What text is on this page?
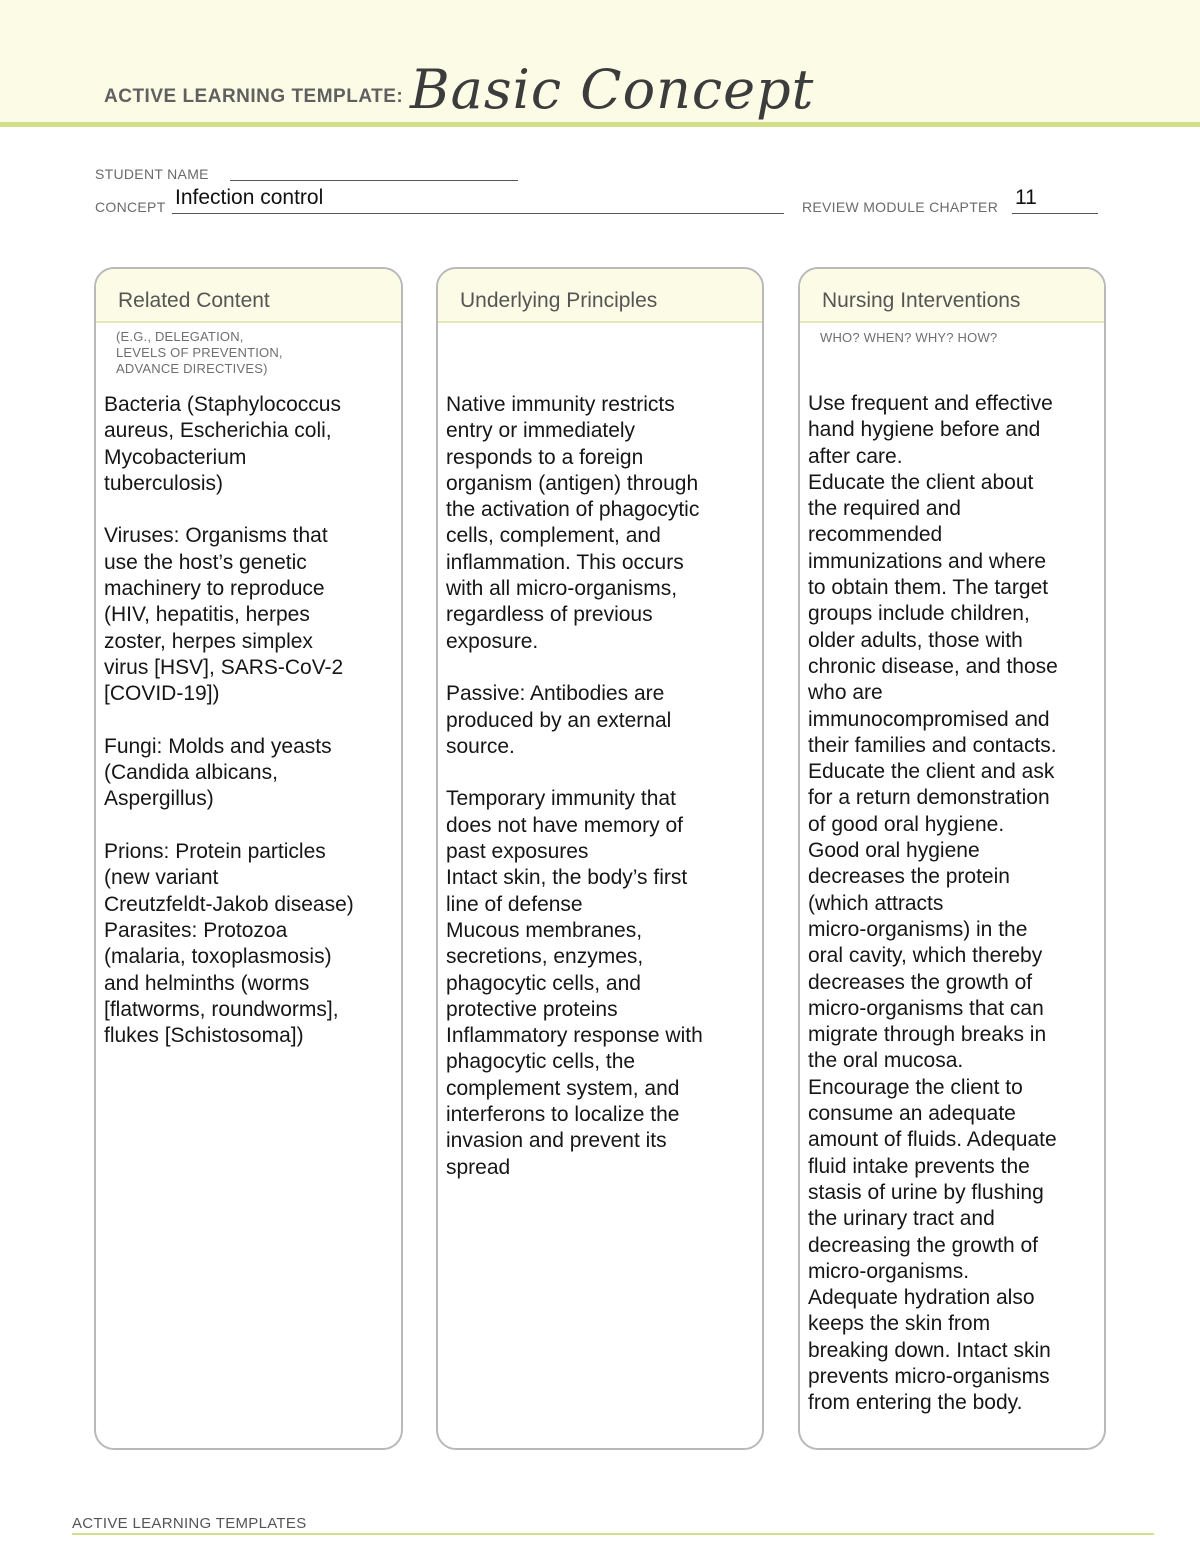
ACTIVE LEARNING TEMPLATE: Basic Concept
STUDENT NAME
CONCEPT Infection control	REVIEW MODULE CHAPTER 11
Related Content
(E.G., DELEGATION,
LEVELS OF PREVENTION,
ADVANCE DIRECTIVES)
Bacteria (Staphylococcus
aureus, Escherichia coli,
Mycobacterium
tuberculosis)

Viruses: Organisms that
use the host’s genetic
machinery to reproduce
(HIV, hepatitis, herpes
zoster, herpes simplex
virus [HSV], SARS-CoV-2
[COVID-19])

Fungi: Molds and yeasts
(Candida albicans,
Aspergillus)

Prions: Protein particles
(new variant
Creutzfeldt-Jakob disease)
Parasites: Protozoa
(malaria, toxoplasmosis)
and helminths (worms
[flatworms, roundworms],
flukes [Schistosoma])
Underlying Principles
Native immunity restricts
entry or immediately
responds to a foreign
organism (antigen) through
the activation of phagocytic
cells, complement, and
inflammation. This occurs
with all micro-organisms,
regardless of previous
exposure.

Passive: Antibodies are
produced by an external
source.

Temporary immunity that
does not have memory of
past exposures
Intact skin, the body’s first
line of defense
Mucous membranes,
secretions, enzymes,
phagocytic cells, and
protective proteins
Inflammatory response with
phagocytic cells, the
complement system, and
interferons to localize the
invasion and prevent its
spread
Nursing Interventions
WHO? WHEN? WHY? HOW?
Use frequent and effective
hand hygiene before and
after care.
Educate the client about
the required and
recommended
immunizations and where
to obtain them. The target
groups include children,
older adults, those with
chronic disease, and those
who are
immunocompromised and
their families and contacts.
Educate the client and ask
for a return demonstration
of good oral hygiene.
Good oral hygiene
decreases the protein
(which attracts
micro-organisms) in the
oral cavity, which thereby
decreases the growth of
micro-organisms that can
migrate through breaks in
the oral mucosa.
Encourage the client to
consume an adequate
amount of fluids. Adequate
fluid intake prevents the
stasis of urine by flushing
the urinary tract and
decreasing the growth of
micro-organisms.
Adequate hydration also
keeps the skin from
breaking down. Intact skin
prevents micro-organisms
from entering the body.
ACTIVE LEARNING TEMPLATES
